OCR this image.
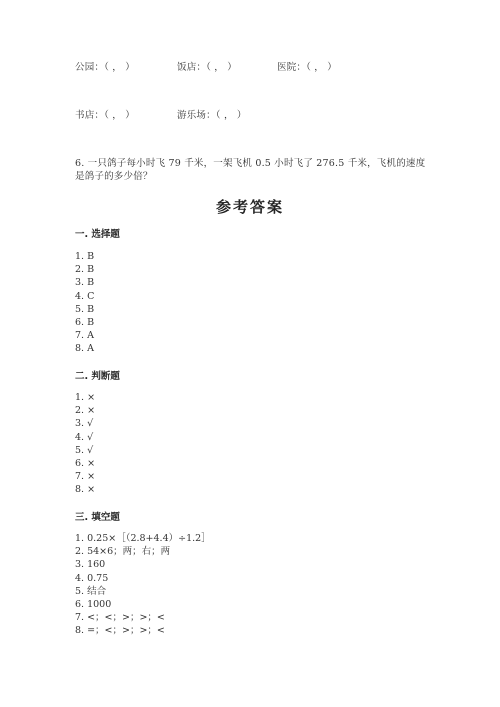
公园：（ ， ）	饭店：（ ， ）	医院：（ ， ）
书店：（ ， ）	游乐场：（ ， ）
6. 一只鸽子每小时飞 79 千米，一架飞机 0.5 小时飞了 276.5 千米，飞机的速度
是鸽子的多少倍？
参考答案
一. 选择题
1. B
2. B
3. B
4. C
5. B
6. B
7. A
8. A
二. 判断题
1. ×
2. ×
3. √
4. √
5. √
6. ×
7. ×
8. ×
三. 填空题
1. 0.25×［（2.8+4.4）÷1.2］
2. 54×6；两；右；两
3. 160
4. 0.75
5. 结合
6. 1000
7. <；<；>；>；<
8. =；<；>；>；<
